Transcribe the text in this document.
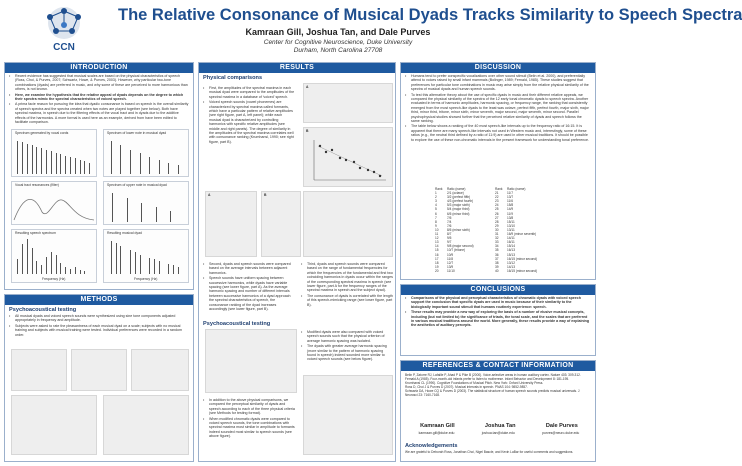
CCN
The Relative Consonance of Musical Dyads Tracks Similarity to Speech Spectra
Kamraan Gill, Joshua Tan, and Dale Purves
Center for Cognitive Neuroscience, Duke University
Durham, North Carolina 27708
INTRODUCTION
• Recent evidence has suggested that musical scales are based on the physical characteristics of speech (Ross, Choi, & Purves, 2007; Schwartz, Howe, & Purves, 2003). However, why particular two-tone combinations (dyads) are preferred in music, and why some of these are perceived to more harmonious than others, is not known.
• Here, we examine the hypothesis that the relative appeal of dyads depends on the degree to which their spectra mimic the spectral characteristics of voiced speech.
• A prima facie reason for pursuing the idea that dyadic consonance is based on speech is the overall similarity of speech spectra and the spectra created when two notes are played together (see below). Both have spectral maxima, in speech due to the filtering effects of the vocal tract and in dyads due to the additive effects of the harmonics. A more formal is used here as an example, derived from have been edited to facilitate comparison.
Spectrum generated by vocal cords	Spectrum of lower note in musical dyad
Vocal tract resonances (filter)	Spectrum of upper note in musical dyad
Resulting speech spectrum
Frequency (Hz)
Resulting musical dyad
Frequency (Hz)
METHODS
Psychoacoustical testing
• All musical dyads and voiced speech sounds were synthesized using sine tone components adjusted appropriately in frequency and amplitude.
• Subjects were asked to rate the pleasantness of each musical dyad on a scale; subjects with no musical training and subjects with musical training were tested. Individual preferences were recorded in a random order.
RESULTS
Physical comparisons
• First, the amplitudes of the spectral maxima in each musical dyad were compared to the amplitudes of the spectral maxima in a database of 'voiced' speech.
• Voiced speech sounds (vowel phonemes) are characterized by spectral maxima called formants, which have a particular pattern of relative amplitudes (see right figure, part A, left panel); while each musical dyad is characterized by controlling harmonics with specific relative amplitudes (see middle and right panels). The degree of similarity in the amplitudes of the spectral maxima correlates well with consonance ranking (Krumhansl, 1990; see right figure, part B).
A
B
A	B
• Second, dyads and speech sounds were compared based on the average intervals between adjacent harmonics.
• Speech sounds have uniform spacing between successive harmonics, while dyads have variable spacing (see lower figure, part A). As the average harmonic spacing and number of different intervals between successive harmonics of a dyad approach the spectral characteristics of speech, the consonance ranking of the dyad increases accordingly (see lower figure, part B).
• Third, dyads and speech sounds were compared based on the range of fundamental frequencies for which the frequencies of the fundamental and first two coinciding harmonics in dyads occur within the ranges of the corresponding spectral maxima in speech (see lower figure, part A for the frequency ranges of the spectral maxima in speech and the subject dyad).
• The consonance of dyads is correlated with the length of this speech-mimicking range (see lower figure, part B).
Psychoacoustical testing
• Modified dyads were also compared with voiced speech sounds such that the physical criterion of average harmonic spacing was isolated.
• The dyads with greater average harmonic spacing (more similar to the pattern of harmonic spacing found in speech) indeed sounded more similar to voiced speech sounds (see below figure).
• In addition to the above physical comparisons, we compared the perceptual similarity of dyads and speech according to each of the three physical criteria (see Methods for testing format).
• When modified chromatic dyads were compared to voiced speech sounds, the tone combinations with spectral maxima most similar in amplitude to formants indeed sounded most similar to speech sounds (see above figure).
DISCUSSION
• Humans tend to prefer conspecific vocalizations over other sound stimuli (Belin et al. 2000), and preferentially attend to voices raised by small infant mammals (Bolinger, 1989; Fernald, 1985). These studies suggest that preferences for particular tone combinations in music may arise simply from the relative physical similarity of the spectra of musical dyads and human speech sounds.
• To test this alternative theory about the use of specific dyads in music and their different relative appeals, we compared the physical similarity of the spectra of the 12 early tonal chromatic dyads to speech spectra. Another evaluated in terms of harmonic amplitudes, harmonic spacing, or frequency range, the ranking that consistently emerged from the most speech-like dyads to the least was octave, perfect fifth, perfect fourth, major sixth, major third, minor third, tritone, minor sixth, minor seventh, major second, major seventh, minor second. Parallel psychophysical studies showed further that the perceived relative similarity of dyads and speech follows the same ranking.
• The table below shows a ranking of the 40 most speech-like intervals up to the frequency ratio of 16:15. It is apparent that there are many speech-like intervals not used in Western music and, interestingly, some of these ratios (e.g., the neutral third defined by a ratio of 11:9) are used in other musical traditions. It should be possible to explore the use of these non-chromatic intervals in the present framework for understanding tonal preference.
Rank	Ratio (name)	Rank	Ratio (name)
1	2/1 (octave)	21	11/7
2	3/2 (perfect fifth)	22	13/7
3	4/3 (perfect fourth)	23	11/6
4	5/3 (major sixth)	24	15/8
5	5/4 (major third)	25	14/9
6	6/5 (minor third)	26	11/9
7	7/5	27	13/8
8	7/4	28	15/11
9	7/6	29	13/10
10	8/5 (minor sixth)	30	13/11
11	8/7	31	16/9 (minor seventh)
12	9/5	32	14/11
13	9/7	33	16/11
14	9/8 (major second)	34	15/14
15	10/7 (tritone)	35	16/13
16	10/9	36	15/13
17	11/8	37	16/15 (minor second)
18	12/7	38	13/12
19	13/9	39	14/13
20	11/10	40	16/15 (minor second)
CONCLUSIONS
• Comparisons of the physical and perceptual characteristics of chromatic dyads with voiced speech support the conclusion that specific dyads are used in music because of their similarity to the biologically important sound stimuli that humans routinely experience: speech.
• These results may provide a new way of exploring the basis of a number of elusive musical concepts, including (but not limited to) the significance of triads, the tonal scale, and the scales that are preferred in various musical traditions around the world. More generally, these results provide a way of explaining the aesthetics of auditory percepts.
REFERENCES & CONTACT INFORMATION
Belin P, Zatorre RJ, Lafaille P, Ahad P & Pike B (2000). Voice-selective areas in human auditory cortex. Nature 403: 309-312.
Fernald A (1985). Four-month-old infants prefer to listen to motherese. Infant Behavior and Development 8: 181-195.
Krumhansl CL (1990). Cognitive Foundations of Musical Pitch. New York: Oxford University Press.
Ross D, Choi J & Purves D (2007). Musical intervals in speech. PNAS 104: 9852-9857.
Schwartz DA, Howe CQ & Purves D (2003). The statistical structure of human speech sounds predicts musical universals. J Neurosci 23: 7160-7168.
Kamraan Gill	Joshua Tan	Dale Purves
kamraan.gill@duke.edu	joshua.tan@duke.edu	purves@neuro.duke.edu
Acknowledgements
We are grateful to Deborah Ross, Jonathan Choi, Nigel Bascle, and Kevin LaBar for useful comments and suggestions.
